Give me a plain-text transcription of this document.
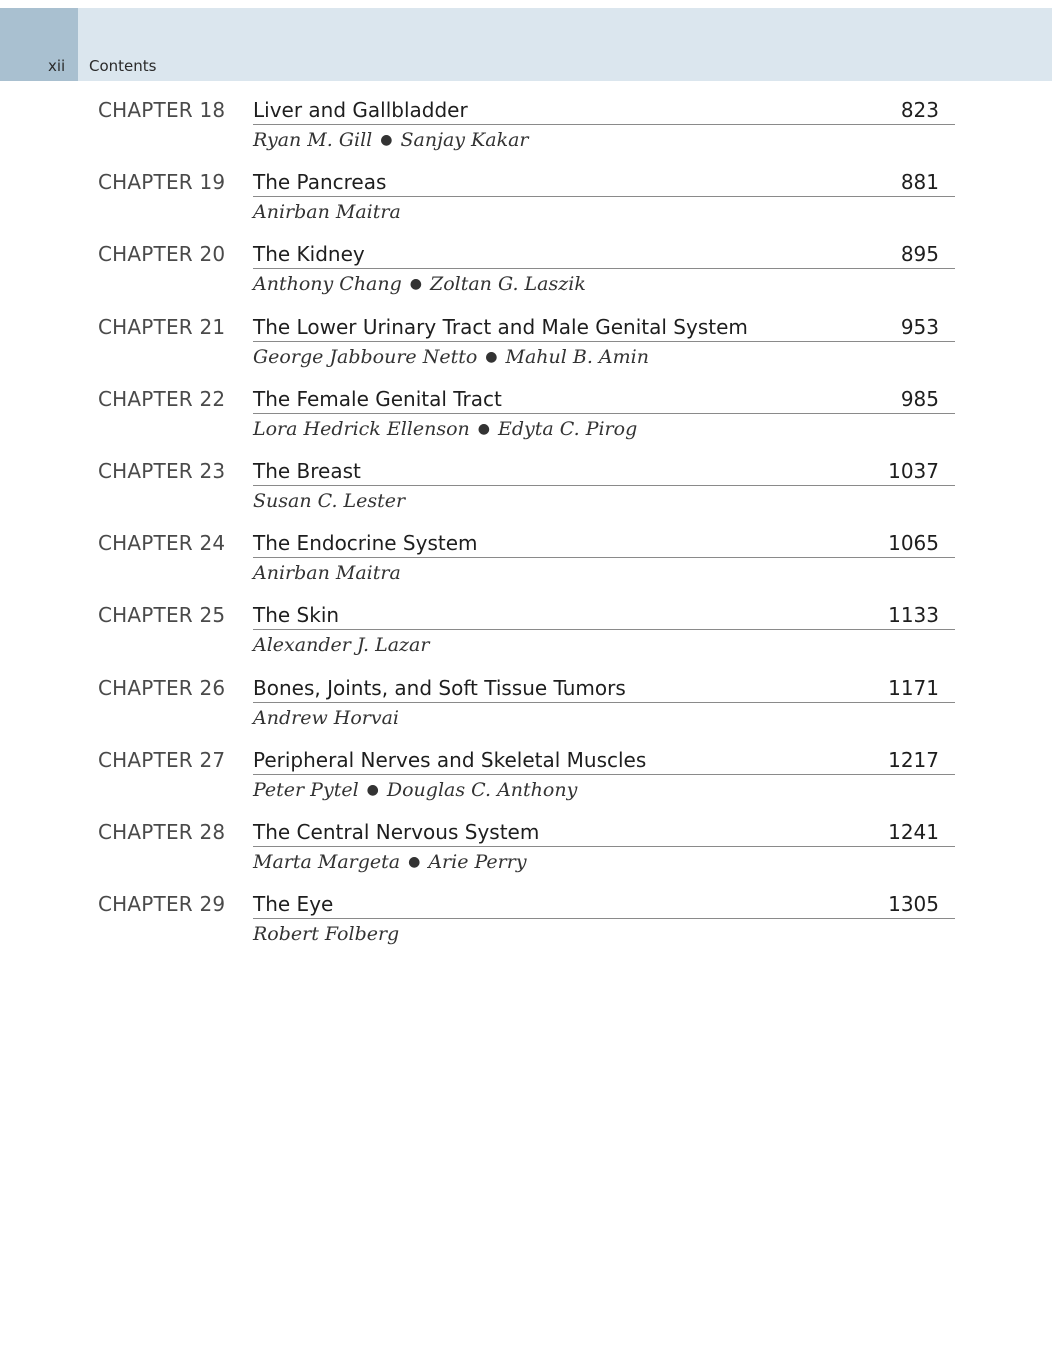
xii Contents
CHAPTER 18 Liver and Gallbladder	823
Ryan M. Gill ● Sanjay Kakar
CHAPTER 19 The Pancreas	881
Anirban Maitra
CHAPTER 20 The Kidney	895
Anthony Chang ● Zoltan G. Laszik
CHAPTER 21 The Lower Urinary Tract and Male Genital System	953
George Jabboure Netto ● Mahul B. Amin
CHAPTER 22 The Female Genital Tract	985
Lora Hedrick Ellenson ● Edyta C. Pirog
CHAPTER 23 The Breast	1037
Susan C. Lester
CHAPTER 24 The Endocrine System	1065
Anirban Maitra
CHAPTER 25 The Skin	1133
Alexander J. Lazar
CHAPTER 26 Bones, Joints, and Soft Tissue Tumors	1171
Andrew Horvai
CHAPTER 27 Peripheral Nerves and Skeletal Muscles	1217
Peter Pytel ● Douglas C. Anthony
CHAPTER 28 The Central Nervous System	1241
Marta Margeta ● Arie Perry
CHAPTER 29 The Eye	1305
Robert Folberg
